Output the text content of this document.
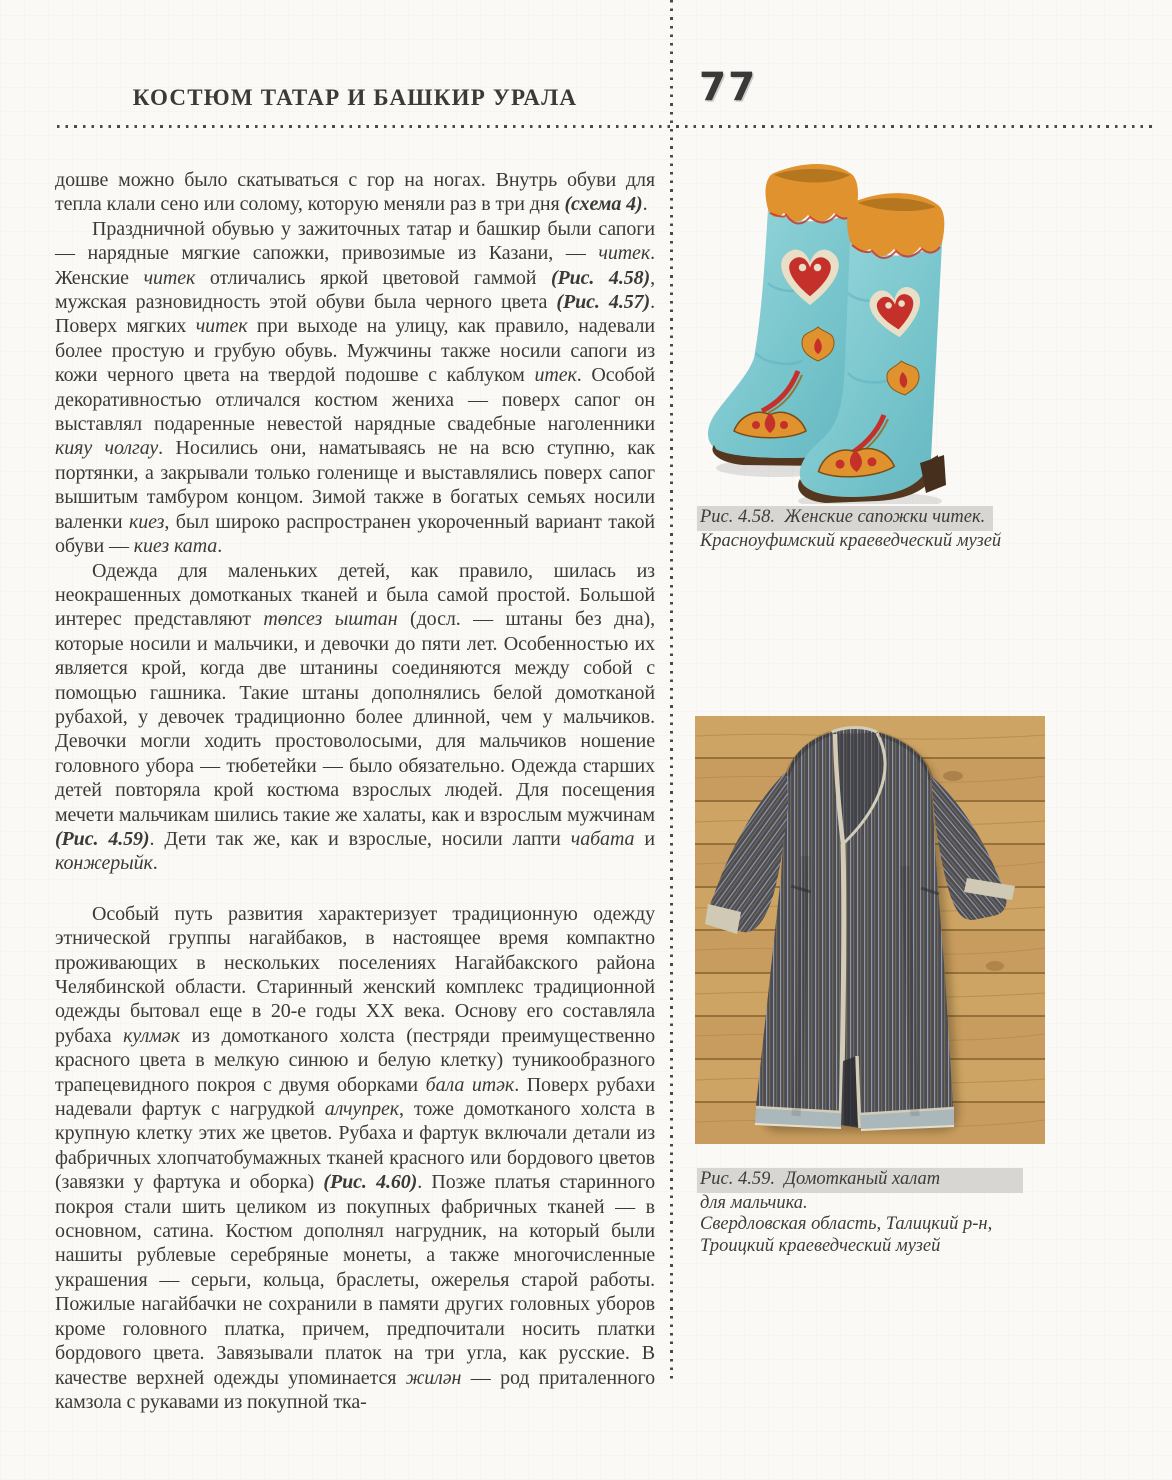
КОСТЮМ ТАТАР И БАШКИР УРАЛА	77

дошве можно было скатываться с гор на ногах. Внутрь обуви для тепла клали сено или солому, которую меняли раз в три дня (схема 4).

Праздничной обувью у зажиточных татар и башкир были сапоги — нарядные мягкие сапожки, привозимые из Казани, — читек. Женские читек отличались яркой цветовой гаммой (Рис. 4.58), мужская разновидность этой обуви была черного цвета (Рис. 4.57). Поверх мягких читек при выходе на улицу, как правило, надевали более простую и грубую обувь. Мужчины также носили сапоги из кожи черного цвета на твердой подошве с каблуком итек. Особой декоративностью отличался костюм жениха — поверх сапог он выставлял подаренные невестой нарядные свадебные наголенники кияу чолгау. Носились они, наматываясь не на всю ступню, как портянки, а закрывали только голенище и выставлялись поверх сапог вышитым тамбуром концом. Зимой также в богатых семьях носили валенки киез, был широко распространен укороченный вариант такой обуви — киез ката.

Одежда для маленьких детей, как правило, шилась из неокрашенных домотканых тканей и была самой простой. Большой интерес представляют төпсез ыштан (досл. — штаны без дна), которые носили и мальчики, и девочки до пяти лет. Особенностью их является крой, когда две штанины соединяются между собой с помощью гашника. Такие штаны дополнялись белой домотканой рубахой, у девочек традиционно более длинной, чем у мальчиков. Девочки могли ходить простоволосыми, для мальчиков ношение головного убора — тюбетейки — было обязательно. Одежда старших детей повторяла крой костюма взрослых людей. Для посещения мечети мальчикам шились такие же халаты, как и взрослым мужчинам (Рис. 4.59). Дети так же, как и взрослые, носили лапти чабата и конжерыйк.

Особый путь развития характеризует традиционную одежду этнической группы нагайбаков, в настоящее время компактно проживающих в нескольких поселениях Нагайбакского района Челябинской области. Старинный женский комплекс традиционной одежды бытовал еще в 20-е годы XX века. Основу его составляла рубаха кулмәк из домотканого холста (пестряди преимущественно красного цвета в мелкую синюю и белую клетку) туникообразного трапецевидного покроя с двумя оборками бала итәк. Поверх рубахи надевали фартук с нагрудкой алчупрек, тоже домотканого холста в крупную клетку этих же цветов. Рубаха и фартук включали детали из фабричных хлопчатобумажных тканей красного или бордового цветов (завязки у фартука и оборка) (Рис. 4.60). Позже платья старинного покроя стали шить целиком из покупных фабричных тканей — в основном, сатина. Костюм дополнял нагрудник, на который были нашиты рублевые серебряные монеты, а также многочисленные украшения — серьги, кольца, браслеты, ожерелья старой работы. Пожилые нагайбачки не сохранили в памяти других головных уборов кроме головного платка, причем, предпочитали носить платки бордового цвета. Завязывали платок на три угла, как русские. В качестве верхней одежды упоминается жилән — род приталенного камзола с рукавами из покупной тка-

Рис. 4.58.  Женские сапожки читек.
Красноуфимский краеведческий музей
Рис. 4.59.  Домотканый халат
для мальчика.
Свердловская область, Талицкий р-н,
Троицкий краеведческий музей
